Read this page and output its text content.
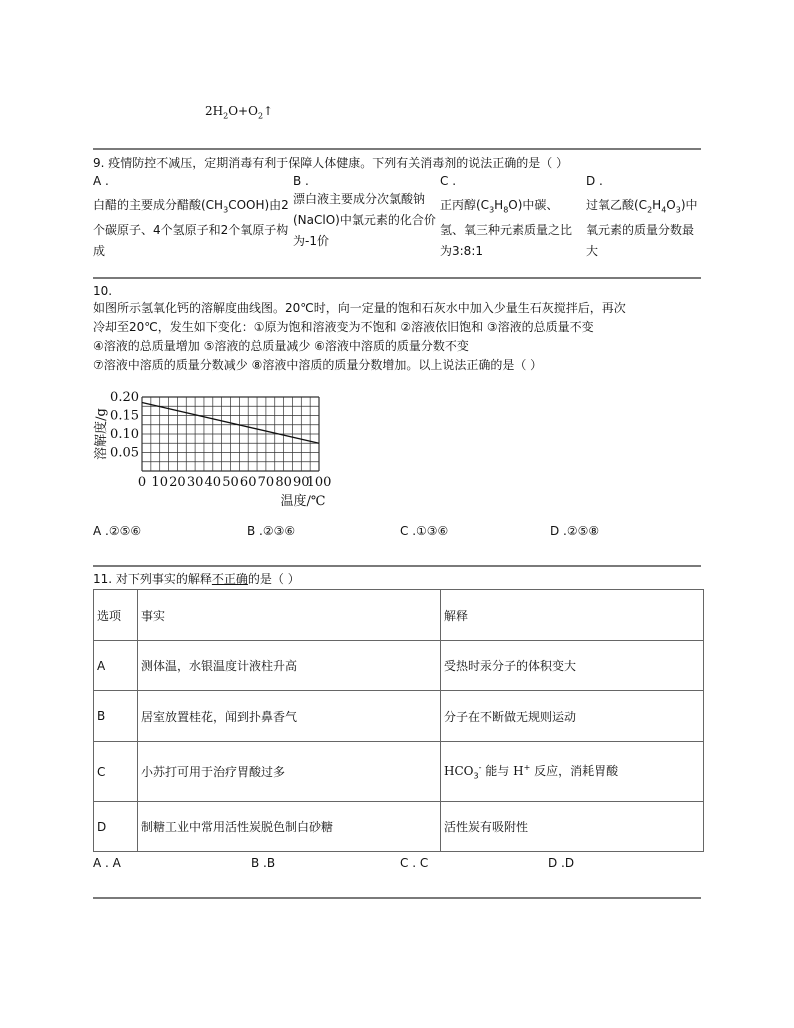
$2H_2O+O_2↑$
9. 疫情防控不减压，定期消毒有利于保障人体健康。下列有关消毒剂的说法正确的是（ ）
A .	B .	C .	D .
白醋的主要成分醋酸$(CH_3COOH)$由2个碳原子、4个氢原子和2个氧原子构成
漂白液主要成分次氯酸钠(NaClO)中氯元素的化合价为-1价
正丙醇$(C_3H_8O)$中碳、氢、氧三种元素质量之比为3:8:1
过氧乙酸$(C_2H_4O_3)$中氧元素的质量分数最大
10.
如图所示氢氧化钙的溶解度曲线图。20℃时，向一定量的饱和石灰水中加入少量生石灰搅拌后，再次
冷却至20℃，发生如下变化：①原为饱和溶液变为不饱和 ②溶液依旧饱和 ③溶液的总质量不变
④溶液的总质量增加 ⑤溶液的总质量减少 ⑥溶液中溶质的质量分数不变
⑦溶液中溶质的质量分数减少 ⑧溶液中溶质的质量分数增加。以上说法正确的是（ ）
0.05
0.10
0.15
0.20
0 10 20 30 40 50 60 70 80 90
100
温度/℃
溶解度/g
A .②⑤⑥	B .②③⑥	C .①③⑥	D .②⑤⑧
11. 对下列事实的解释不正确的是（ ）
选项	事实	解释
A	测体温，水银温度计液柱升高	受热时汞分子的体积变大
B	居室放置桂花，闻到扑鼻香气	分子在不断做无规则运动
C	小苏打可用于治疗胃酸过多	$HCO_3^-$ 能与 H+ 反应，消耗胃酸
D	制糖工业中常用活性炭脱色制白砂糖	活性炭有吸附性
A . A	B .B	C . C	D .D
